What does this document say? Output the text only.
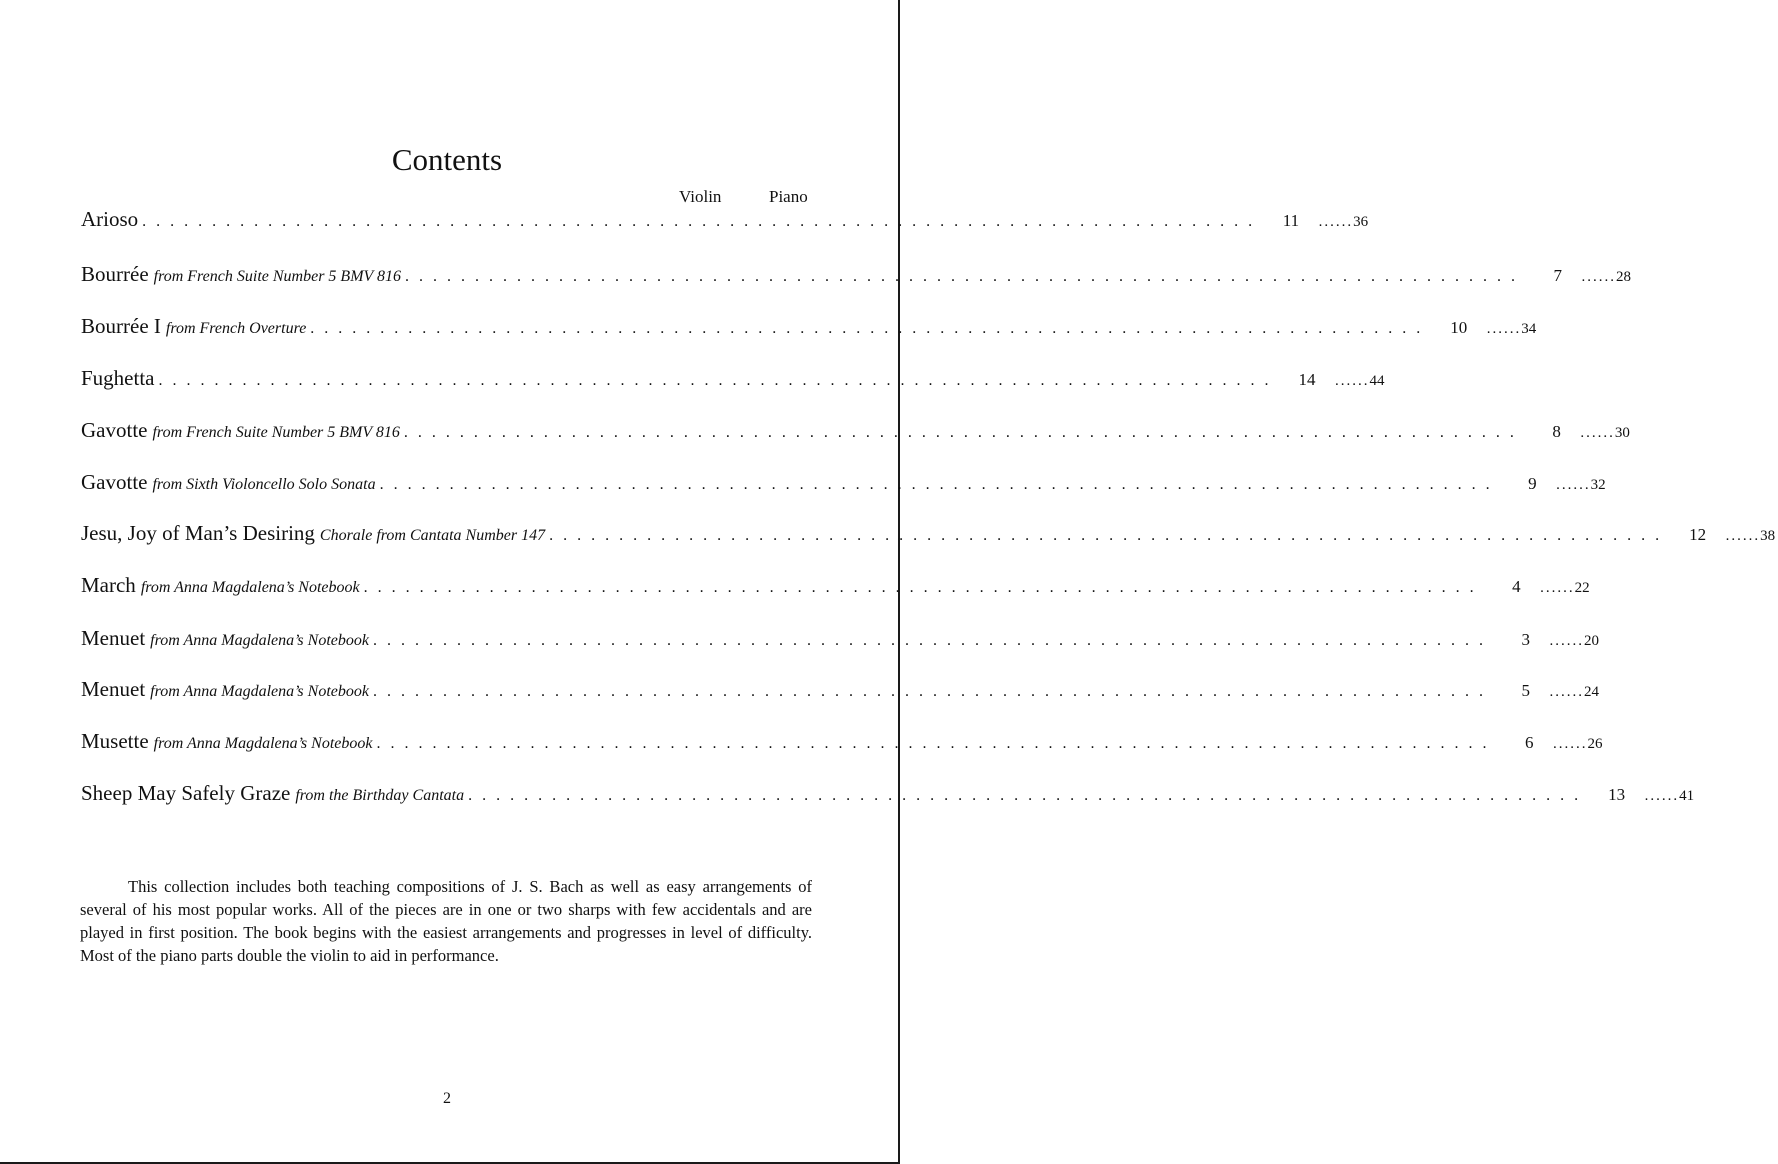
Contents
Violin	Piano
Arioso . . . . . . . . . . . . . . . . . . . . . . . . . . . . . . . . . . . . . . . . . . . . . . . . . . . . . . . . . . . . . . . . . . . . . . . . . . . . . . . .	11	...... 36
Bourrée from French Suite Number 5 BMV 816 . . . . . . . . . . . . . . . . . . . . . . . . . . . . . . . . . . . . . . . . . . . . . . . . . . . . . . . . . . . . . . . . . . . . . . . . . . . . . . . .	7	...... 28
Bourrée I from French Overture . . . . . . . . . . . . . . . . . . . . . . . . . . . . . . . . . . . . . . . . . . . . . . . . . . . . . . . . . . . . . . . . . . . . . . . . . . . . . . . .	10	...... 34
Fughetta . . . . . . . . . . . . . . . . . . . . . . . . . . . . . . . . . . . . . . . . . . . . . . . . . . . . . . . . . . . . . . . . . . . . . . . . . . . . . . . .	14	...... 44
Gavotte from French Suite Number 5 BMV 816 . . . . . . . . . . . . . . . . . . . . . . . . . . . . . . . . . . . . . . . . . . . . . . . . . . . . . . . . . . . . . . . . . . . . . . . . . . . . . . . .	8	...... 30
Gavotte from Sixth Violoncello Solo Sonata . . . . . . . . . . . . . . . . . . . . . . . . . . . . . . . . . . . . . . . . . . . . . . . . . . . . . . . . . . . . . . . . . . . . . . . . . . . . . . . .	9	...... 32
Jesu, Joy of Man’s Desiring Chorale from Cantata Number 147 . . . . . . . . . . . . . . . . . . . . . . . . . . . . . . . . . . . . . . . . . . . . . . . . . . . . . . . . . . . . . . . . . . . . . . . . . . . . . . . .	12	...... 38
March from Anna Magdalena’s Notebook . . . . . . . . . . . . . . . . . . . . . . . . . . . . . . . . . . . . . . . . . . . . . . . . . . . . . . . . . . . . . . . . . . . . . . . . . . . . . . . .	4	...... 22
Menuet from Anna Magdalena’s Notebook . . . . . . . . . . . . . . . . . . . . . . . . . . . . . . . . . . . . . . . . . . . . . . . . . . . . . . . . . . . . . . . . . . . . . . . . . . . . . . . .	3	...... 20
Menuet from Anna Magdalena’s Notebook . . . . . . . . . . . . . . . . . . . . . . . . . . . . . . . . . . . . . . . . . . . . . . . . . . . . . . . . . . . . . . . . . . . . . . . . . . . . . . . .	5	...... 24
Musette from Anna Magdalena’s Notebook . . . . . . . . . . . . . . . . . . . . . . . . . . . . . . . . . . . . . . . . . . . . . . . . . . . . . . . . . . . . . . . . . . . . . . . . . . . . . . . .	6	...... 26
Sheep May Safely Graze from the Birthday Cantata . . . . . . . . . . . . . . . . . . . . . . . . . . . . . . . . . . . . . . . . . . . . . . . . . . . . . . . . . . . . . . . . . . . . . . . . . . . . . . . .	13	...... 41
This collection includes both teaching compositions of J. S. Bach as well as easy arrangements of several of his most popular works. All of the pieces are in one or two sharps with few accidentals and are played in first position. The book begins with the easiest arrangements and progresses in level of difficulty. Most of the piano parts double the violin to aid in performance.
2
